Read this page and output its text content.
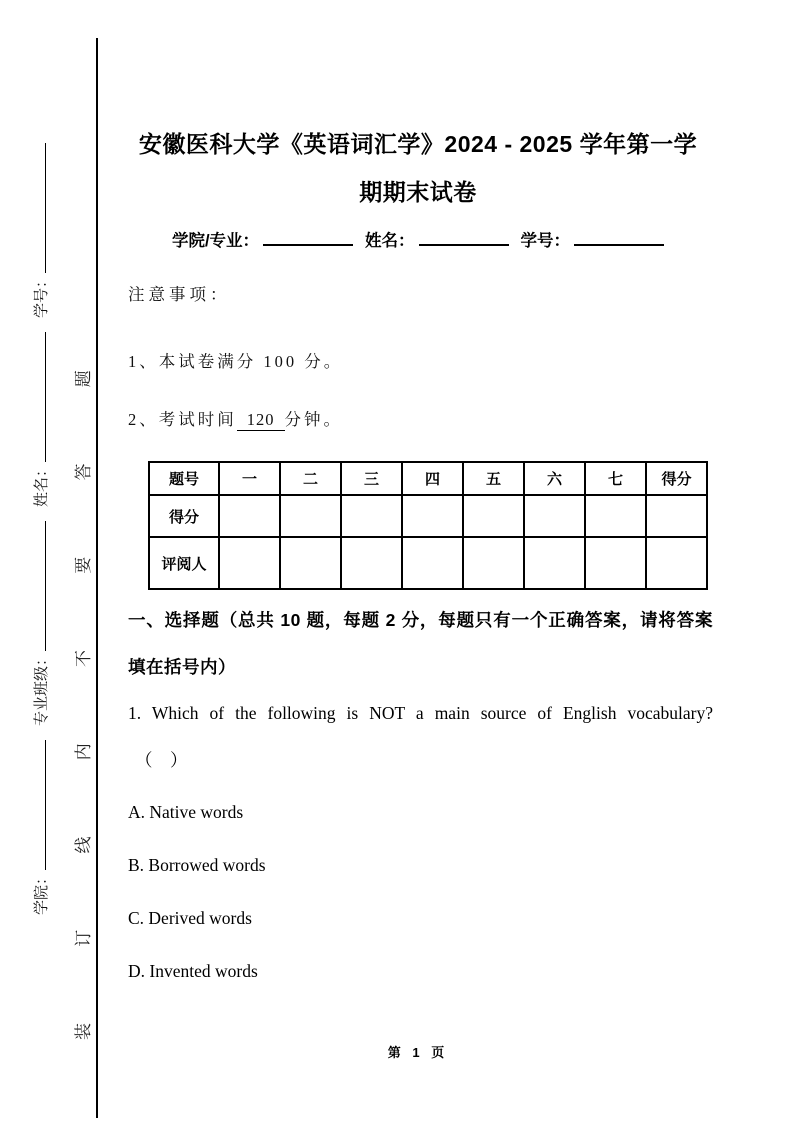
学院：专业班级：姓名：学号：
装 订 线 内 不 要 答 题
安徽医科大学《英语词汇学》2024 - 2025 学年第一学
期期末试卷
学院/专业：	姓名：	学号：
注意事项：
1、本试卷满分 100 分。
2、考试时间 120 分钟。
题号	一	二	三	四	五	六	七	得分
得分								
评阅人								
一、选择题（总共 10 题，每题 2 分，每题只有一个正确答案，请将答案填在括号内）
1. Which of the following is NOT a main source of English vocabulary?
（　）
A. Native words
B. Borrowed words
C. Derived words
D. Invented words
第 1 页
